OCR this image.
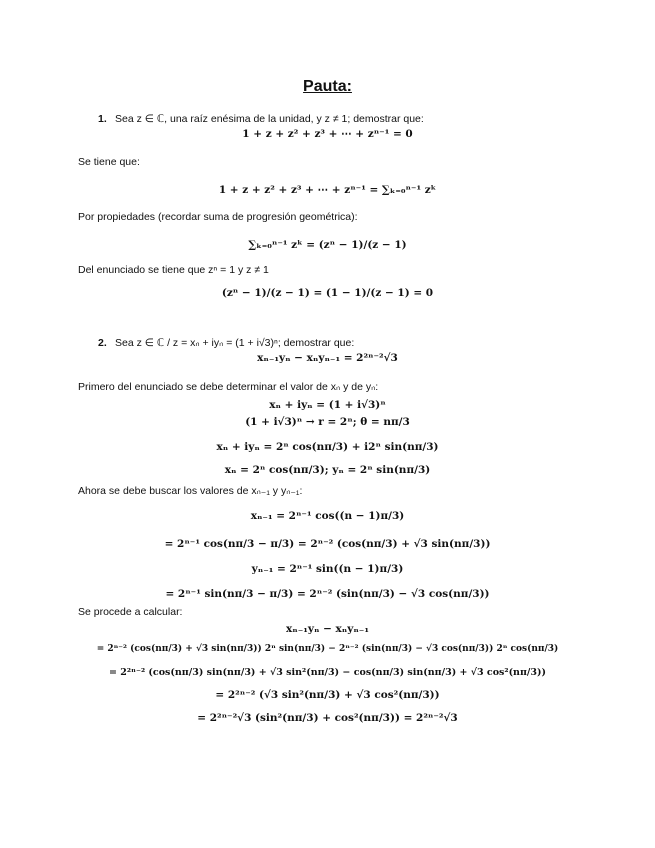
Pauta:
1. Sea z ∈ ℂ, una raíz enésima de la unidad, y z ≠ 1; demostrar que:
1 + z + z² + z³ + ⋯ + zⁿ⁻¹ = 0
Se tiene que:
1 + z + z² + z³ + ⋯ + zⁿ⁻¹ = ∑ₖ₌₀ⁿ⁻¹ zᵏ
Por propiedades (recordar suma de progresión geométrica):
∑ₖ₌₀ⁿ⁻¹ zᵏ = (zⁿ − 1)/(z − 1)
Del enunciado se tiene que zⁿ = 1 y z ≠ 1
(zⁿ − 1)/(z − 1) = (1 − 1)/(z − 1) = 0
2. Sea z ∈ ℂ / z = xₙ + iyₙ = (1 + i√3)ⁿ; demostrar que:
xₙ₋₁yₙ − xₙyₙ₋₁ = 2²ⁿ⁻²√3
Primero del enunciado se debe determinar el valor de xₙ y de yₙ:
xₙ + iyₙ = (1 + i√3)ⁿ
(1 + i√3)ⁿ → r = 2ⁿ; θ = nπ/3
xₙ + iyₙ = 2ⁿ cos(nπ/3) + i2ⁿ sin(nπ/3)
xₙ = 2ⁿ cos(nπ/3); yₙ = 2ⁿ sin(nπ/3)
Ahora se debe buscar los valores de xₙ₋₁ y yₙ₋₁:
xₙ₋₁ = 2ⁿ⁻¹ cos((n − 1)π/3)
= 2ⁿ⁻¹ cos(nπ/3 − π/3) = 2ⁿ⁻² (cos(nπ/3) + √3 sin(nπ/3))
yₙ₋₁ = 2ⁿ⁻¹ sin((n − 1)π/3)
= 2ⁿ⁻¹ sin(nπ/3 − π/3) = 2ⁿ⁻² (sin(nπ/3) − √3 cos(nπ/3))
Se procede a calcular:
xₙ₋₁yₙ − xₙyₙ₋₁
= 2ⁿ⁻² (cos(nπ/3) + √3 sin(nπ/3)) 2ⁿ sin(nπ/3) − 2ⁿ⁻² (sin(nπ/3) − √3 cos(nπ/3)) 2ⁿ cos(nπ/3)
= 2²ⁿ⁻² (cos(nπ/3) sin(nπ/3) + √3 sin²(nπ/3) − cos(nπ/3) sin(nπ/3) + √3 cos²(nπ/3))
= 2²ⁿ⁻² (√3 sin²(nπ/3) + √3 cos²(nπ/3))
= 2²ⁿ⁻²√3 (sin²(nπ/3) + cos²(nπ/3)) = 2²ⁿ⁻²√3
